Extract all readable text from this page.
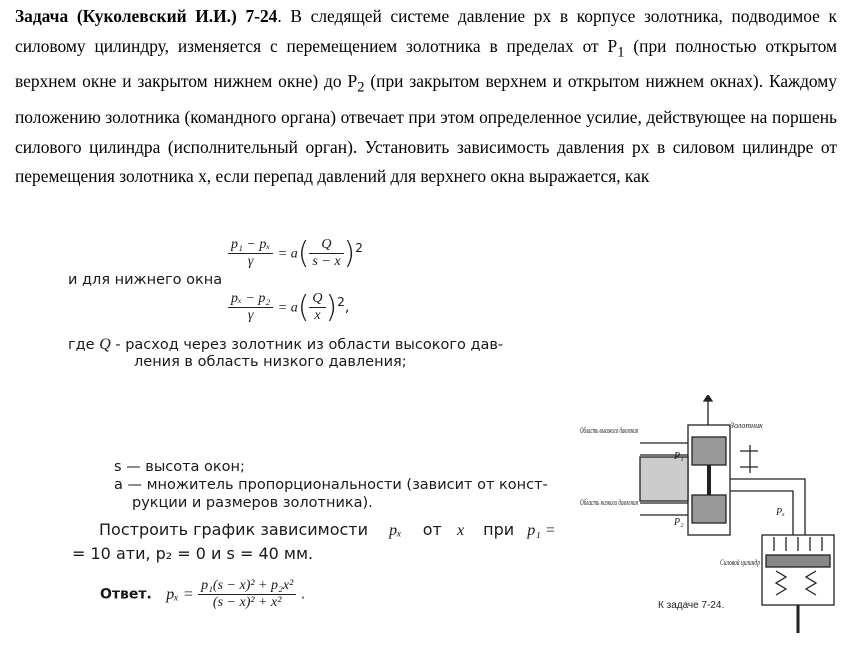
Задача (Куколевский И.И.) 7-24. В следящей системе давление рх в корпусе золотника, подводимое к силовому цилиндру, изменяется с перемещением золотника в пределах от $Р_1$ (при полностью открытом верхнем окне и закрытом нижнем окне) до $Р_2$ (при закрытом верхнем и открытом нижнем окнах). Каждому положению золотника (командного органа) отвечает при этом определенное усилие, действующее на поршень силового цилиндра (исполнительный орган). Установить зависимость давления рх в силовом цилиндре от перемещения золотника х, если перепад давлений для верхнего окна выражается, как

$\frac{\text{p₁ − pₓ}}{\gamma} = a( \frac{Q}{s - x} )^2$
и для нижнего окна
$\frac{\text{pₓ − p₂}}{\gamma} = a( \frac{Q}{x} )^2$,
где Q - расход через золотник из области высокого дав-
ления в область низкого давления;
s — высота окон;
a — множитель пропорциональности (зависит от конст-
рукции и размеров золотника).
Построить график зависимости pₓ от x при p₁ =
= 10 ати, p₂ = 0 и s = 40 мм.
Ответ. $p_x = \frac{\text{p₁(s − x)² + p₂x²}}{\text{(s − x)² + x²}}$ .
Область высокого давления
Область низкого давления
Золотник
Силовой цилиндр
P₁
P₂
Pₓ
К задаче 7-24.
